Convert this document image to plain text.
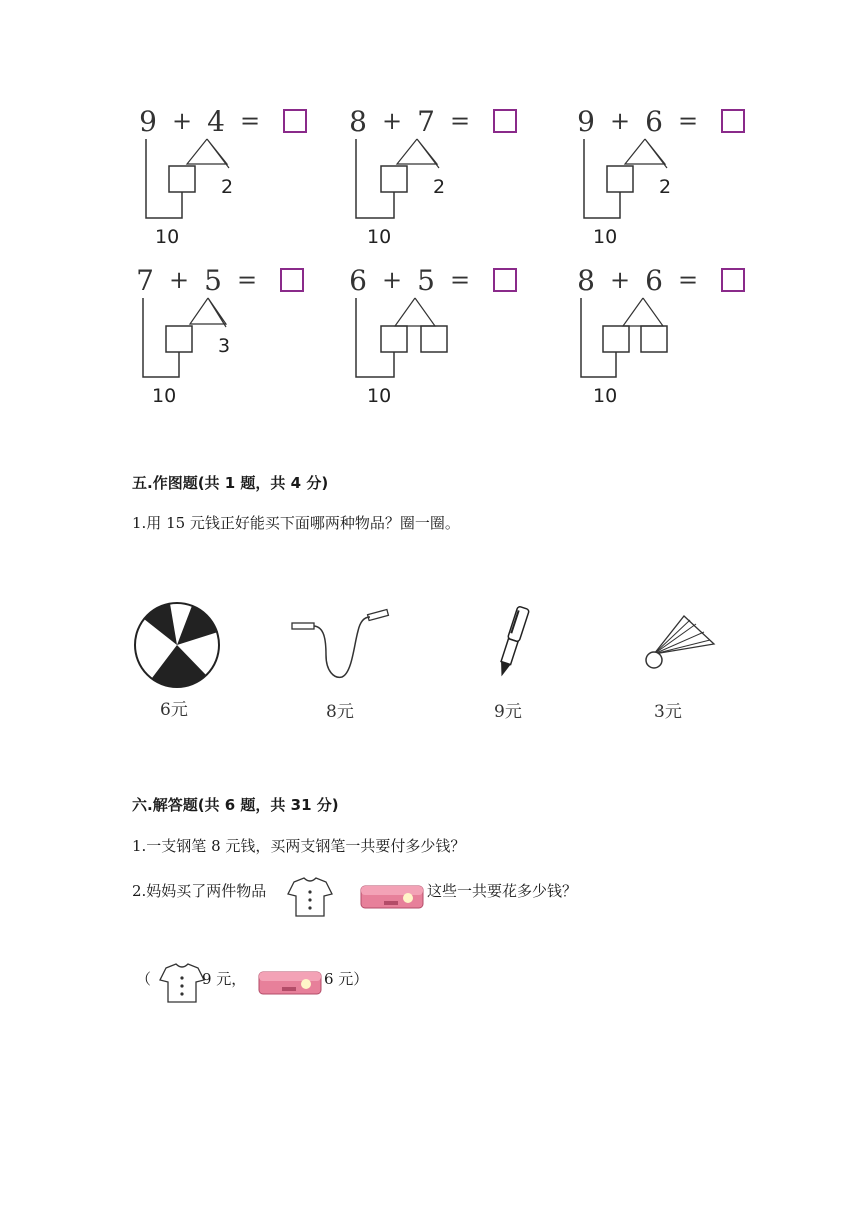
9 + 4 =
2
10
8 + 7 =
2
10
9 + 6 =
2
10
7 + 5 =
3
10
6 + 5 =
10
8 + 6 =
10
五.作图题(共 1 题，共 4 分)
1.用 15 元钱正好能买下面哪两种物品？圈一圈。
6元	8元	9元	3元
六.解答题(共 6 题，共 31 分)
1.一支钢笔 8 元钱，买两支钢笔一共要付多少钱？
2.妈妈买了两件物品	这些一共要花多少钱？
（	9 元，	6 元）
